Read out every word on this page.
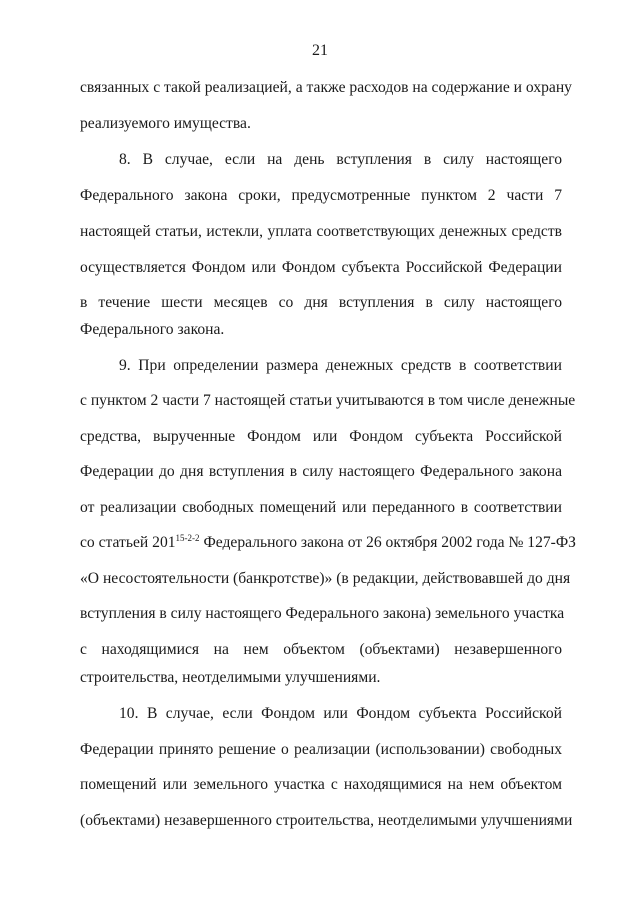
21
связанных с такой реализацией, а также расходов на содержание и охрану
реализуемого имущества.
8. В случае, если на день вступления в силу настоящего
Федерального закона сроки, предусмотренные пунктом 2 части 7
настоящей статьи, истекли, уплата соответствующих денежных средств
осуществляется Фондом или Фондом субъекта Российской Федерации
в течение шести месяцев со дня вступления в силу настоящего
Федерального закона.
9. При определении размера денежных средств в соответствии
с пунктом 2 части 7 настоящей статьи учитываются в том числе денежные
средства, вырученные Фондом или Фондом субъекта Российской
Федерации до дня вступления в силу настоящего Федерального закона
от реализации свободных помещений или переданного в соответствии
со статьей 201$^{15-2-2}$ Федерального закона от 26 октября 2002 года № 127-ФЗ
«О несостоятельности (банкротстве)» (в редакции, действовавшей до дня
вступления в силу настоящего Федерального закона) земельного участка
с находящимися на нем объектом (объектами) незавершенного
строительства, неотделимыми улучшениями.
10. В случае, если Фондом или Фондом субъекта Российской
Федерации принято решение о реализации (использовании) свободных
помещений или земельного участка с находящимися на нем объектом
(объектами) незавершенного строительства, неотделимыми улучшениями
